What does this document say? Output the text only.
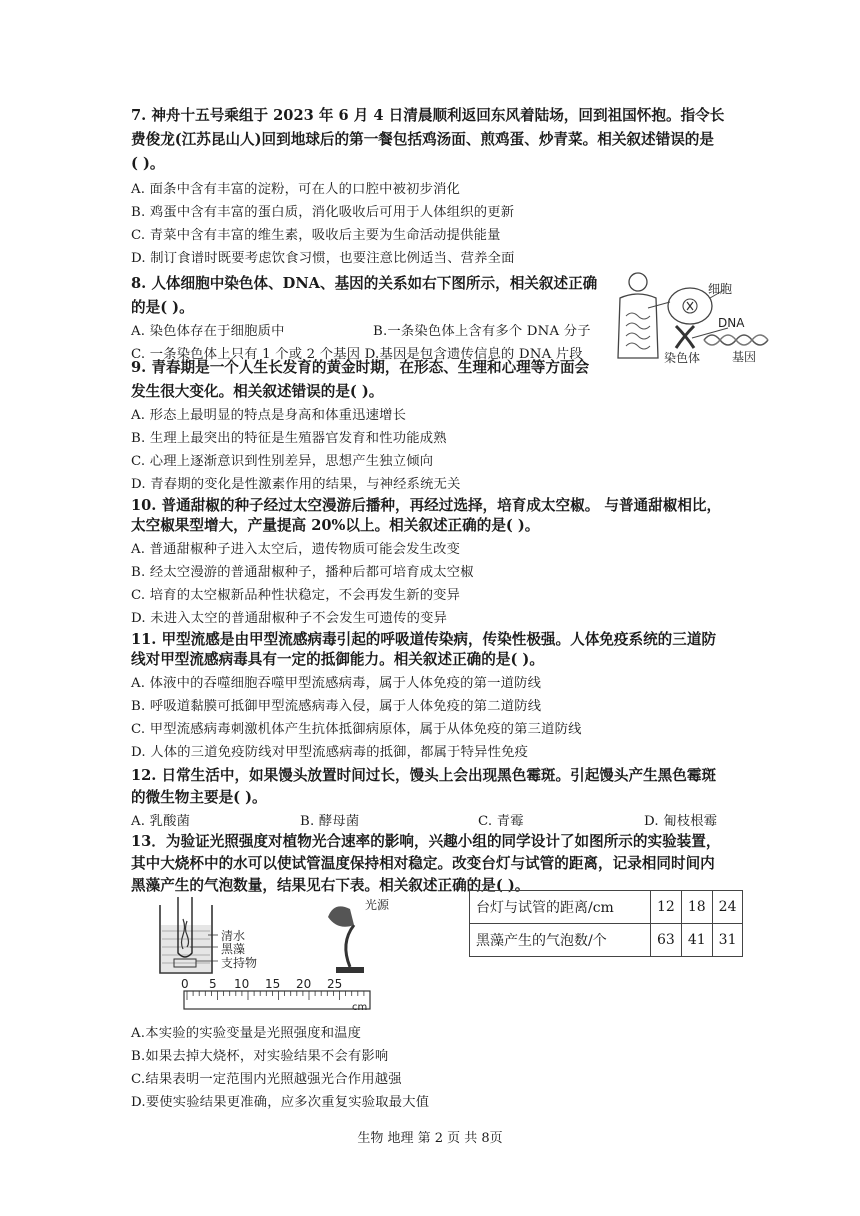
7. 神舟十五号乘组于 2023 年 6 月 4 日清晨顺利返回东风着陆场，回到祖国怀抱。指令长
费俊龙(江苏昆山人)回到地球后的第一餐包括鸡汤面、煎鸡蛋、炒青菜。相关叙述错误的是
( )。
A. 面条中含有丰富的淀粉，可在人的口腔中被初步消化
B. 鸡蛋中含有丰富的蛋白质，消化吸收后可用于人体组织的更新
C. 青菜中含有丰富的维生素，吸收后主要为生命活动提供能量
D. 制订食谱时既要考虑饮食习惯，也要注意比例适当、营养全面
8. 人体细胞中染色体、DNA、基因的关系如右下图所示，相关叙述正确
的是( )。
A. 染色体存在于细胞质中	B.一条染色体上含有多个 DNA 分子
C. 一条染色体上只有 1 个或 2 个基因 D.基因是包含遗传信息的 DNA 片段
细胞
DNA
染色体	基因
9. 青春期是一个人生长发育的黄金时期，在形态、生理和心理等方面会
发生很大变化。相关叙述错误的是( )。
A. 形态上最明显的特点是身高和体重迅速增长
B. 生理上最突出的特征是生殖器官发育和性功能成熟
C. 心理上逐渐意识到性别差异，思想产生独立倾向
D. 青春期的变化是性激素作用的结果，与神经系统无关
10. 普通甜椒的种子经过太空漫游后播种，再经过选择，培育成太空椒。 与普通甜椒相比，
太空椒果型增大，产量提高 20%以上。相关叙述正确的是( )。
A. 普通甜椒种子进入太空后，遗传物质可能会发生改变
B. 经太空漫游的普通甜椒种子，播种后都可培育成太空椒
C. 培育的太空椒新品种性状稳定，不会再发生新的变异
D. 未进入太空的普通甜椒种子不会发生可遗传的变异
11. 甲型流感是由甲型流感病毒引起的呼吸道传染病，传染性极强。人体免疫系统的三道防
线对甲型流感病毒具有一定的抵御能力。相关叙述正确的是( )。
A. 体液中的吞噬细胞吞噬甲型流感病毒，属于人体免疫的第一道防线
B. 呼吸道黏膜可抵御甲型流感病毒入侵，属于人体免疫的第二道防线
C. 甲型流感病毒刺激机体产生抗体抵御病原体，属于从体免疫的第三道防线
D. 人体的三道免疫防线对甲型流感病毒的抵御，都属于特异性免疫
12. 日常生活中，如果馒头放置时间过长，馒头上会出现黑色霉斑。引起馒头产生黑色霉斑
的微生物主要是( )。
A. 乳酸菌	B. 酵母菌	C. 青霉	D. 匍枝根霉
13．为验证光照强度对植物光合速率的影响，兴趣小组的同学设计了如图所示的实验装置，
其中大烧杯中的水可以使试管温度保持相对稳定。改变台灯与试管的距离，记录相同时间内
黑藻产生的气泡数量，结果见右下表。相关叙述正确的是( )。
清水
黑藻
支持物
光源
0 5 10 15 20 25
cm
台灯与试管的距离/cm	12	18	24
黑藻产生的气泡数/个	63	41	31
A.本实验的实验变量是光照强度和温度
B.如果去掉大烧杯，对实验结果不会有影响
C.结果表明一定范围内光照越强光合作用越强
D.要使实验结果更准确，应多次重复实验取最大值
生物 地理 第 2 页 共 8页
